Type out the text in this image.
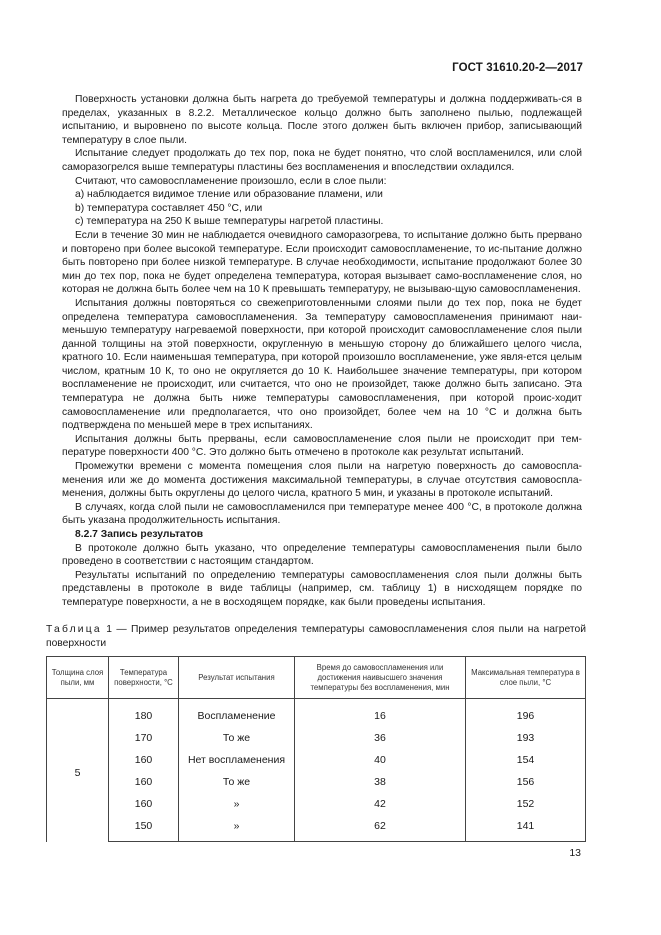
ГОСТ 31610.20-2—2017

Поверхность установки должна быть нагрета до требуемой температуры и должна поддерживать-ся в пределах, указанных в 8.2.2. Металлическое кольцо должно быть заполнено пылью, подлежащей испытанию, и выровнено по высоте кольца. После этого должен быть включен прибор, записывающий температуру в слое пыли.

Испытание следует продолжать до тех пор, пока не будет понятно, что слой воспламенился, или слой саморазогрелся выше температуры пластины без воспламенения и впоследствии охладился.

Считают, что самовоспламенение произошло, если в слое пыли:

a) наблюдается видимое тление или образование пламени, или

b) температура составляет 450 °С, или

c) температура на 250 К выше температуры нагретой пластины.

Если в течение 30 мин не наблюдается очевидного саморазогрева, то испытание должно быть прервано и повторено при более высокой температуре. Если происходит самовоспламенение, то ис-пытание должно быть повторено при более низкой температуре. В случае необходимости, испытание продолжают более 30 мин до тех пор, пока не будет определена температура, которая вызывает само-воспламенение слоя, но которая не должна быть более чем на 10 К превышать температуру, не вызываю-щую самовоспламенения.

Испытания должны повторяться со свежеприготовленными слоями пыли до тех пор, пока не будет определена температура самовоспламенения. За температуру самовоспламенения принимают наи-меньшую температуру нагреваемой поверхности, при которой происходит самовоспламенение слоя пыли данной толщины на этой поверхности, округленную в меньшую сторону до ближайшего целого числа, кратного 10. Если наименьшая температура, при которой произошло воспламенение, уже явля-ется целым числом, кратным 10 К, то оно не округляется до 10 К. Наибольшее значение температуры, при котором воспламенение не происходит, или считается, что оно не произойдет, также должно быть записано. Эта температура не должна быть ниже температуры самовоспламенения, при которой проис-ходит самовоспламенение или предполагается, что оно произойдет, более чем на 10 °С и должна быть подтверждена по меньшей мере в трех испытаниях.

Испытания должны быть прерваны, если самовоспламенение слоя пыли не происходит при тем-пературе поверхности 400 °С. Это должно быть отмечено в протоколе как результат испытаний.

Промежутки времени с момента помещения слоя пыли на нагретую поверхность до самовоспла-менения или же до момента достижения максимальной температуры, в случае отсутствия самовоспла-менения, должны быть округлены до целого числа, кратного 5 мин, и указаны в протоколе испытаний.

В случаях, когда слой пыли не самовоспламенился при температуре менее 400 °С, в протоколе должна быть указана продолжительность испытания.

8.2.7 Запись результатов

В протоколе должно быть указано, что определение температуры самовоспламенения пыли было проведено в соответствии с настоящим стандартом.

Результаты испытаний по определению температуры самовоспламенения слоя пыли должны быть представлены в протоколе в виде таблицы (например, см. таблицу 1) в нисходящем порядке по температуре поверхности, а не в восходящем порядке, как были проведены испытания.

Таблица 1 — Пример результатов определения температуры самовоспламенения слоя пыли на нагретой поверхности
Толщина слоя пыли, мм	Температура поверхности, °С	Результат испытания	Время до самовоспламенения или достижения наивысшего значения температуры без воспламенения, мин	Максимальная температура в слое пыли, °С
5	180	Воспламенение	16	196
	170	То же	36	193
	160	Нет воспламенения	40	154
	160	То же	38	156
	160	»	42	152
	150	»	62	141
13
